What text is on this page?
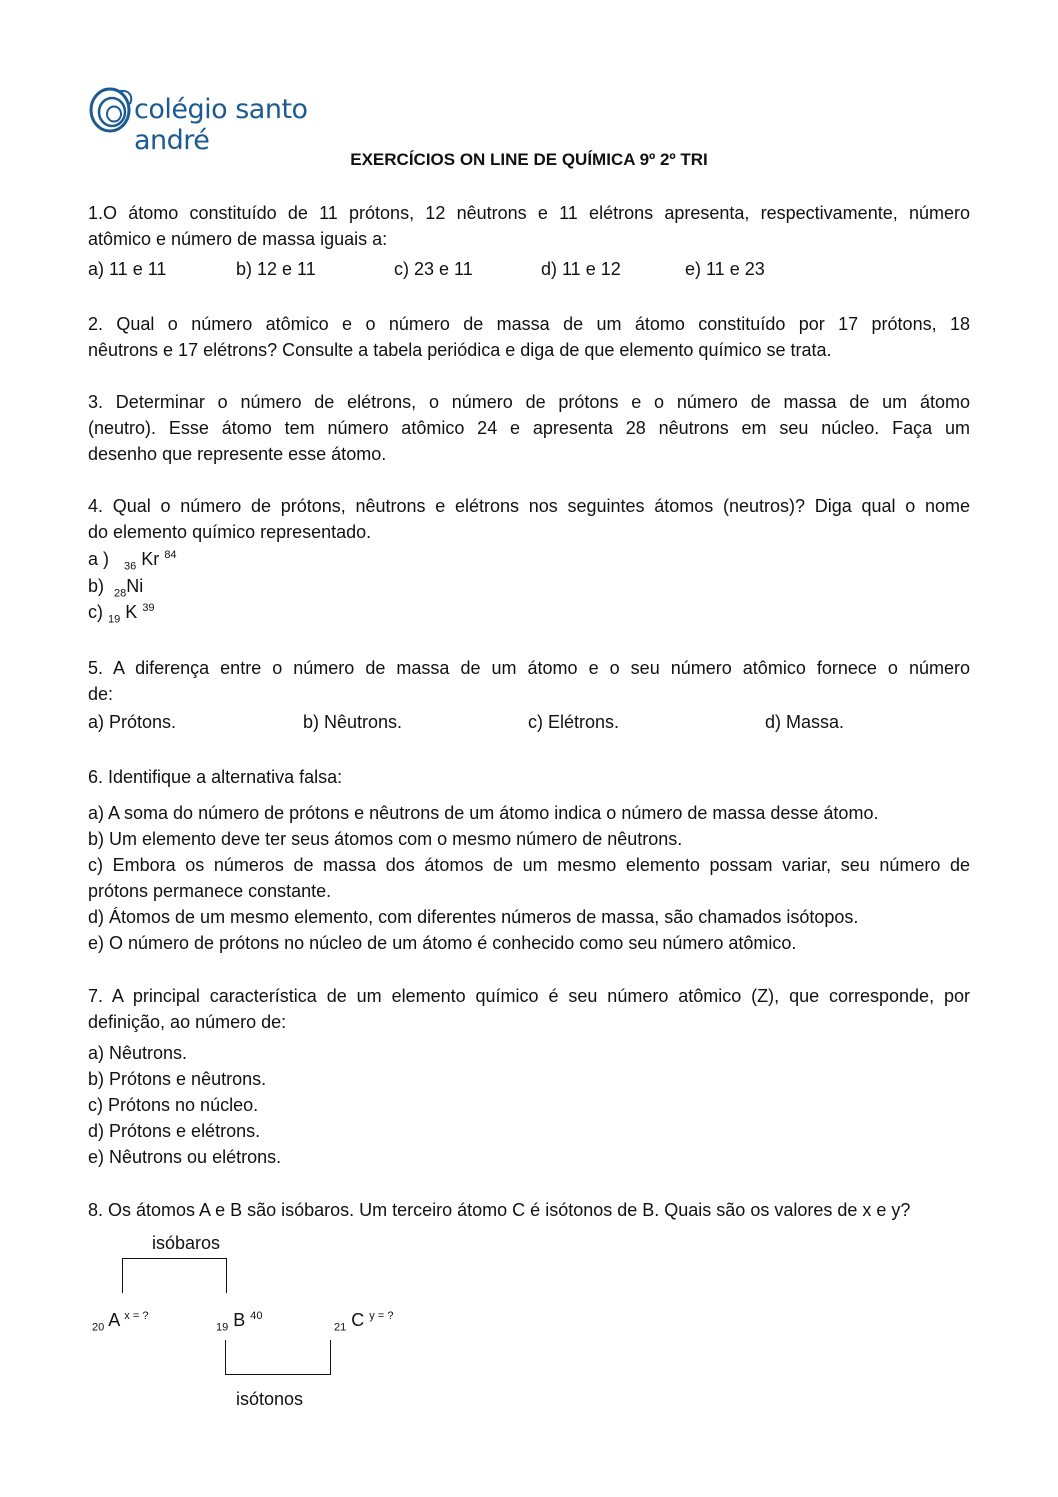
colégio santo andré
EXERCÍCIOS ON LINE DE QUÍMICA 9º 2º TRI

1.O átomo constituído de 11 prótons, 12 nêutrons e 11 elétrons apresenta, respectivamente, número

atômico e número de massa iguais a:

a) 11 e 11	b) 12 e 11	c) 23 e 11	d) 11 e 12	e) 11 e 23

2. Qual o número atômico e o número de massa de um átomo constituído por 17 prótons, 18

nêutrons e 17 elétrons? Consulte a tabela periódica e diga de que elemento químico se trata.

3. Determinar o número de elétrons, o número de prótons e o número de massa de um átomo

(neutro). Esse átomo tem número atômico 24 e apresenta 28 nêutrons em seu núcleo. Faça um

desenho que represente esse átomo.

4. Qual o número de prótons, nêutrons e elétrons nos seguintes átomos (neutros)? Diga qual o nome

do elemento químico representado.

a ) $_{36}$ Kr $^{84}$
b) $_{28}$Ni
c) $_{19}$ K $^{39}$

5. A diferença entre o número de massa de um átomo e o seu número atômico fornece o número

de:

a) Prótons.	b) Nêutrons.	c) Elétrons.	d) Massa.

6. Identifique a alternativa falsa:

a) A soma do número de prótons e nêutrons de um átomo indica o número de massa desse átomo.

b) Um elemento deve ter seus átomos com o mesmo número de nêutrons.

c) Embora os números de massa dos átomos de um mesmo elemento possam variar, seu número de

prótons permanece constante.

d) Átomos de um mesmo elemento, com diferentes números de massa, são chamados isótopos.

e) O número de prótons no núcleo de um átomo é conhecido como seu número atômico.

7. A principal característica de um elemento químico é seu número atômico (Z), que corresponde, por

definição, ao número de:

a) Nêutrons.

b) Prótons e nêutrons.

c) Prótons no núcleo.

d) Prótons e elétrons.

e) Nêutrons ou elétrons.

8. Os átomos A e B são isóbaros. Um terceiro átomo C é isótonos de B. Quais são os valores de x e y?

isóbaros
$_{20}$ A $^{x = ?}$
$_{19}$ B $^{40}$
$_{21}$ C $^{y = ?}$
isótonos
